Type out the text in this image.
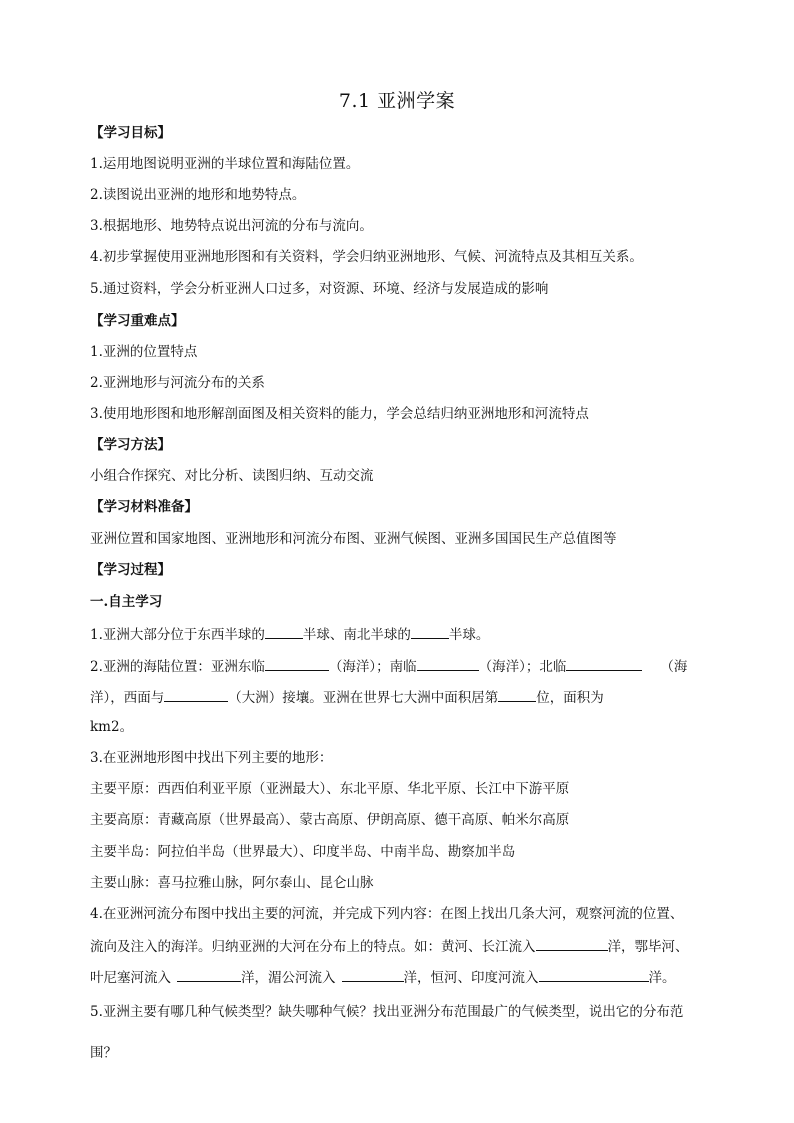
7.1 亚洲学案
【学习目标】
1.运用地图说明亚洲的半球位置和海陆位置。
2.读图说出亚洲的地形和地势特点。
3.根据地形、地势特点说出河流的分布与流向。
4.初步掌握使用亚洲地形图和有关资料，学会归纳亚洲地形、气候、河流特点及其相互关系。
5.通过资料，学会分析亚洲人口过多，对资源、环境、经济与发展造成的影响
【学习重难点】
1.亚洲的位置特点
2.亚洲地形与河流分布的关系
3.使用地形图和地形解剖面图及相关资料的能力，学会总结归纳亚洲地形和河流特点
【学习方法】
小组合作探究、对比分析、读图归纳、互动交流
【学习材料准备】
亚洲位置和国家地图、亚洲地形和河流分布图、亚洲气候图、亚洲多国国民生产总值图等
【学习过程】
一.自主学习
1.亚洲大部分位于东西半球的	半球、南北半球的	半球。
2.亚洲的海陆位置：亚洲东临	（海洋）；南临	（海洋）；北临	（海
洋），西面与	（大洲）接壤。亚洲在世界七大洲中面积居第	位，面积为
km2。
3.在亚洲地形图中找出下列主要的地形：
主要平原：西西伯利亚平原（亚洲最大）、东北平原、华北平原、长江中下游平原
主要高原：青藏高原（世界最高）、蒙古高原、伊朗高原、德干高原、帕米尔高原
主要半岛：阿拉伯半岛（世界最大）、印度半岛、中南半岛、勘察加半岛
主要山脉：喜马拉雅山脉，阿尔泰山、昆仑山脉
4.在亚洲河流分布图中找出主要的河流，并完成下列内容：在图上找出几条大河，观察河流的位置、
流向及注入的海洋。归纳亚洲的大河在分布上的特点。如：黄河、长江流入	洋，鄂毕河、
叶尼塞河流入	洋，湄公河流入	洋，恒河、印度河流入	洋。
5.亚洲主要有哪几种气候类型？缺失哪种气候？找出亚洲分布范围最广的气候类型，说出它的分布范
围？
